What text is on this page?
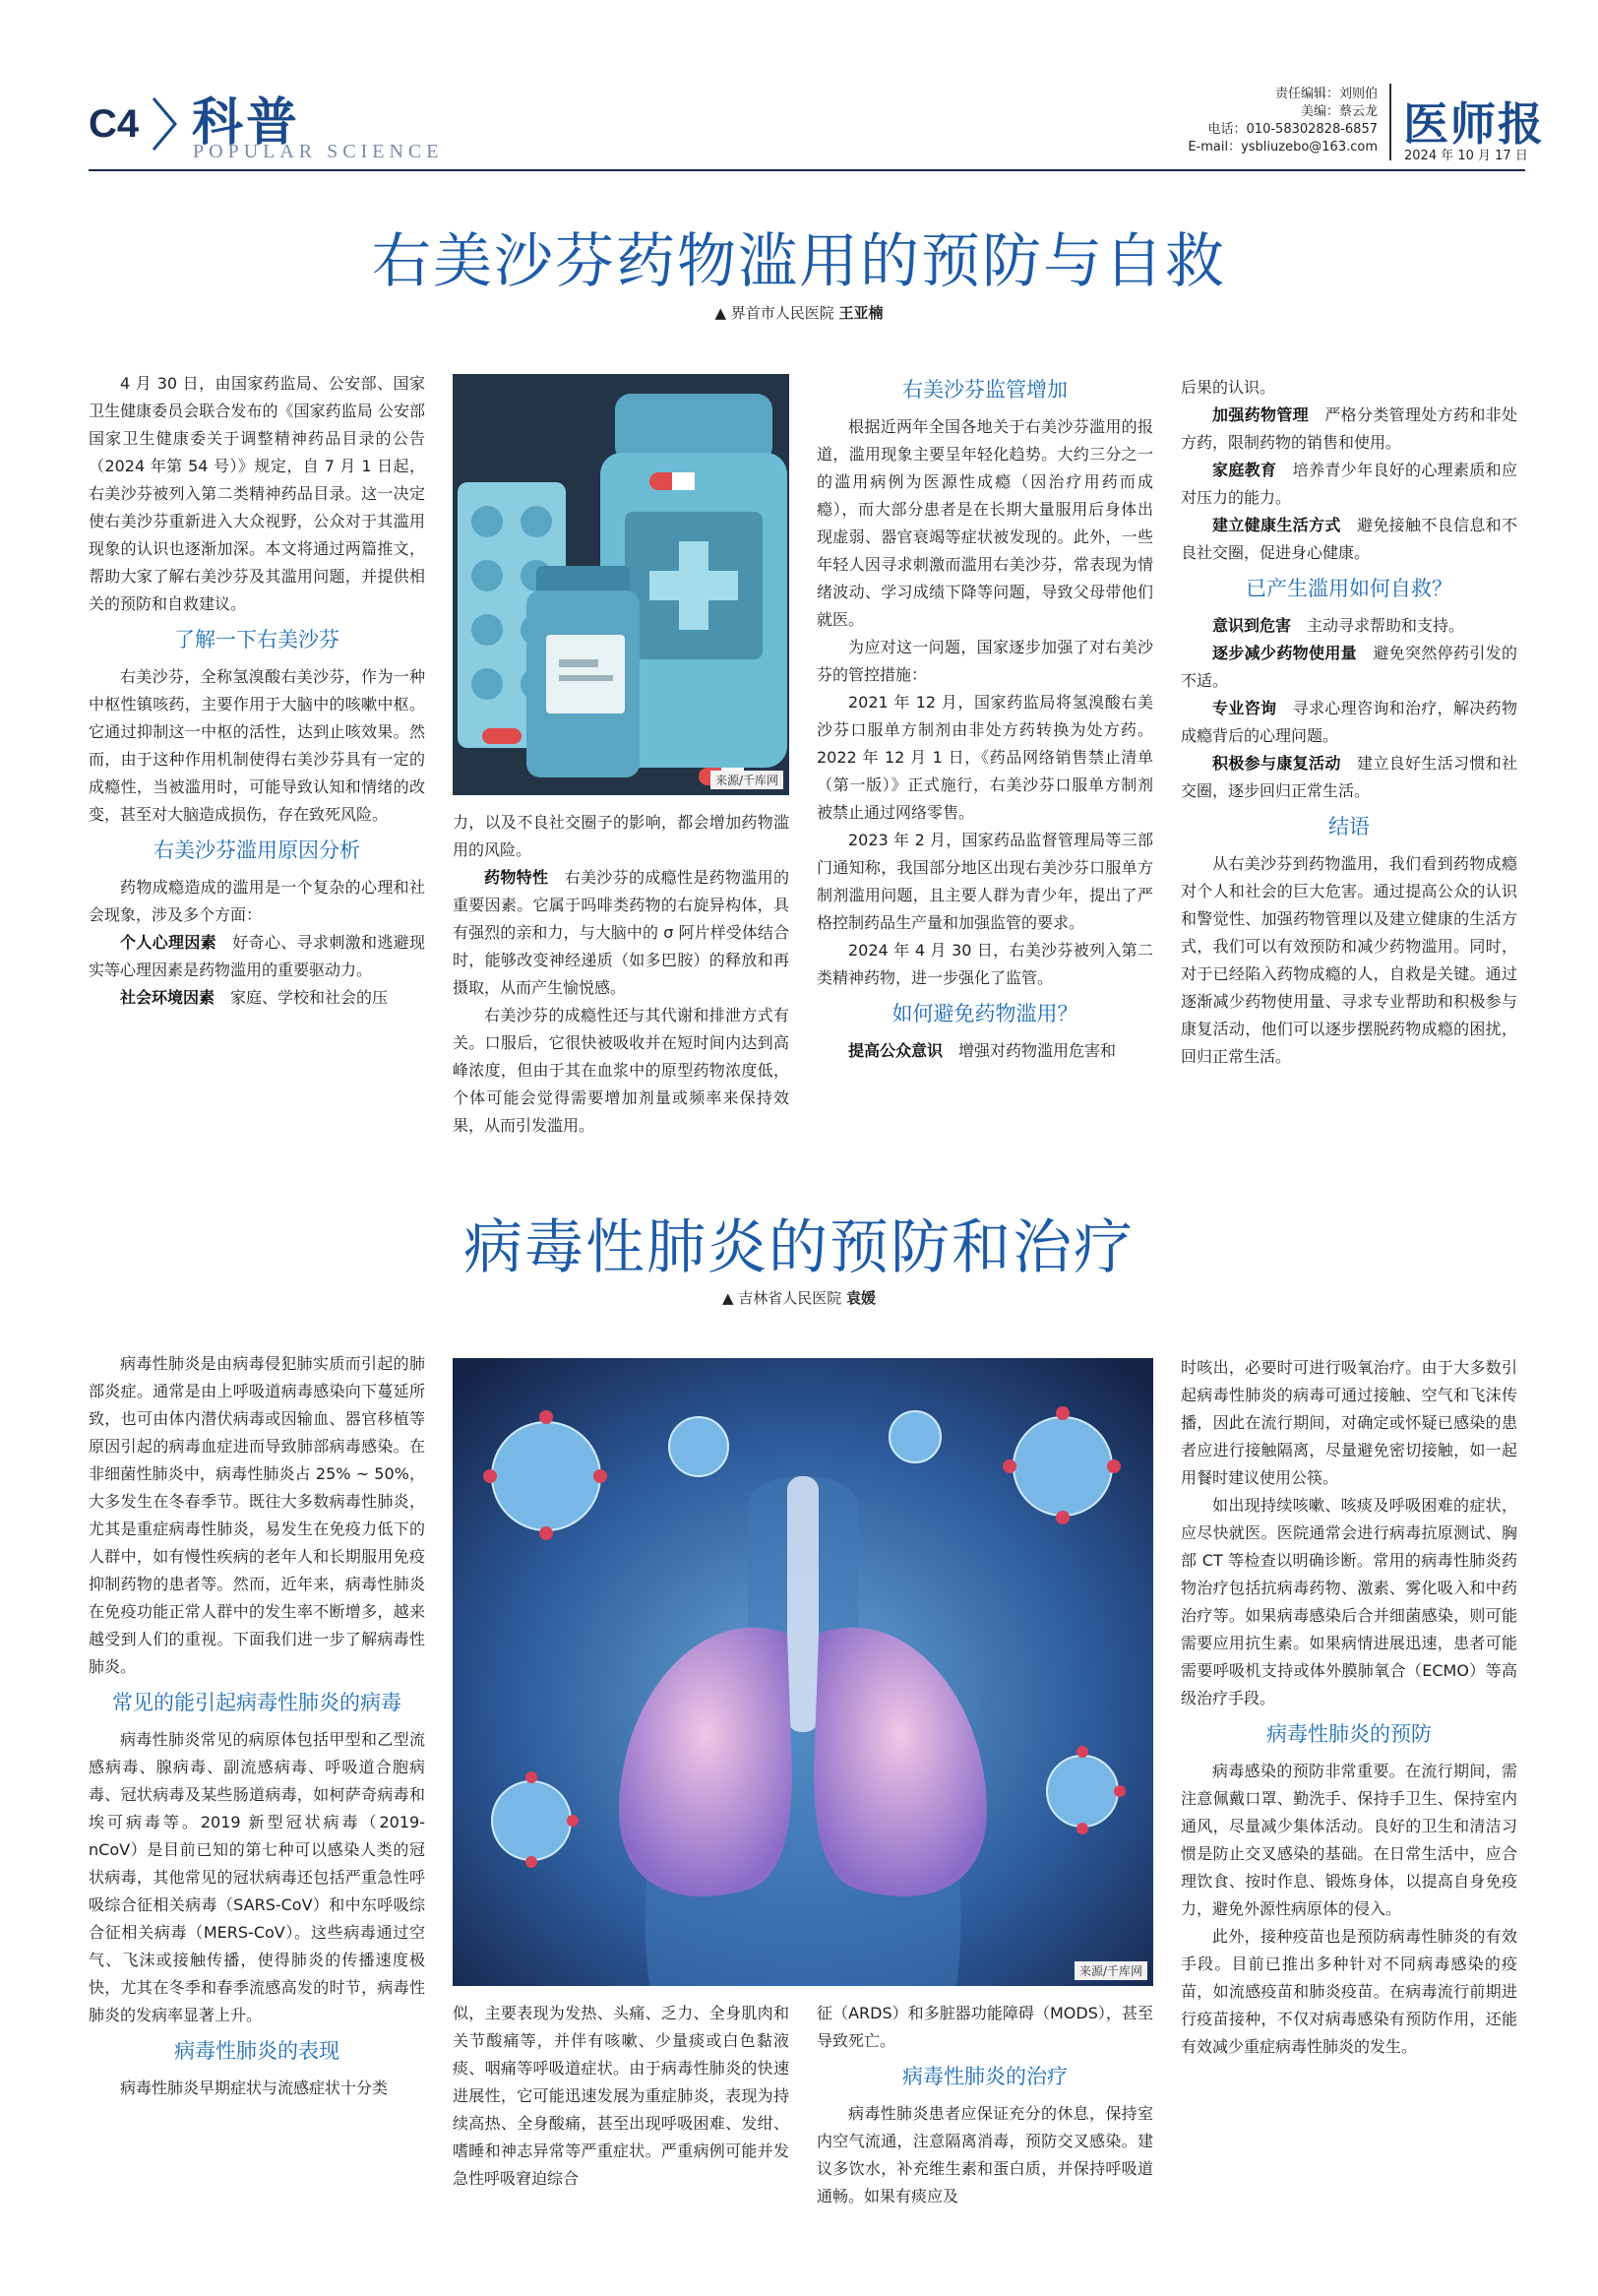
C4 科普
POPULAR SCIENCE
责任编辑：刘则伯
美编：蔡云龙
电话：010-58302828-6857
E-mail：ysbliuzebo@163.com 医师报
2024 年 10 月 17 日
右美沙芬药物滥用的预防与自救
▲ 界首市人民医院 王亚楠

4 月 30 日，由国家药监局、公安部、国家卫生健康委员会联合发布的《国家药监局 公安部 国家卫生健康委关于调整精神药品目录的公告（2024 年第 54 号）》规定，自 7 月 1 日起，右美沙芬被列入第二类精神药品目录。这一决定使右美沙芬重新进入大众视野，公众对于其滥用现象的认识也逐渐加深。本文将通过两篇推文，帮助大家了解右美沙芬及其滥用问题，并提供相关的预防和自救建议。

了解一下右美沙芬

右美沙芬，全称氢溴酸右美沙芬，作为一种中枢性镇咳药，主要作用于大脑中的咳嗽中枢。它通过抑制这一中枢的活性，达到止咳效果。然而，由于这种作用机制使得右美沙芬具有一定的成瘾性，当被滥用时，可能导致认知和情绪的改变，甚至对大脑造成损伤，存在致死风险。

右美沙芬滥用原因分析

药物成瘾造成的滥用是一个复杂的心理和社会现象，涉及多个方面：

个人心理因素　 好奇心、寻求刺激和逃避现实等心理因素是药物滥用的重要驱动力。

社会环境因素　 家庭、学校和社会的压

来源/千库网

力，以及不良社交圈子的影响，都会增加药物滥用的风险。

药物特性　 右美沙芬的成瘾性是药物滥用的重要因素。它属于吗啡类药物的右旋异构体，具有强烈的亲和力，与大脑中的 σ 阿片样受体结合时，能够改变神经递质（如多巴胺）的释放和再摄取，从而产生愉悦感。

右美沙芬的成瘾性还与其代谢和排泄方式有关。口服后，它很快被吸收并在短时间内达到高峰浓度，但由于其在血浆中的原型药物浓度低，个体可能会觉得需要增加剂量或频率来保持效果，从而引发滥用。

右美沙芬监管增加

根据近两年全国各地关于右美沙芬滥用的报道，滥用现象主要呈年轻化趋势。大约三分之一的滥用病例为医源性成瘾（因治疗用药而成瘾），而大部分患者是在长期大量服用后身体出现虚弱、器官衰竭等症状被发现的。此外，一些年轻人因寻求刺激而滥用右美沙芬，常表现为情绪波动、学习成绩下降等问题，导致父母带他们就医。

为应对这一问题，国家逐步加强了对右美沙芬的管控措施：

2021 年 12 月，国家药监局将氢溴酸右美沙芬口服单方制剂由非处方药转换为处方药。2022 年 12 月 1 日，《药品网络销售禁止清单（第一版）》正式施行，右美沙芬口服单方制剂被禁止通过网络零售。

2023 年 2 月，国家药品监督管理局等三部门通知称，我国部分地区出现右美沙芬口服单方制剂滥用问题，且主要人群为青少年，提出了严格控制药品生产量和加强监管的要求。

2024 年 4 月 30 日，右美沙芬被列入第二类精神药物，进一步强化了监管。

如何避免药物滥用？

提高公众意识　 增强对药物滥用危害和

后果的认识。

加强药物管理　 严格分类管理处方药和非处方药，限制药物的销售和使用。

家庭教育　 培养青少年良好的心理素质和应对压力的能力。

建立健康生活方式　 避免接触不良信息和不良社交圈，促进身心健康。

已产生滥用如何自救？

意识到危害　 主动寻求帮助和支持。

逐步减少药物使用量　 避免突然停药引发的不适。

专业咨询　 寻求心理咨询和治疗，解决药物成瘾背后的心理问题。

积极参与康复活动　 建立良好生活习惯和社交圈，逐步回归正常生活。

结语

从右美沙芬到药物滥用，我们看到药物成瘾对个人和社会的巨大危害。通过提高公众的认识和警觉性、加强药物管理以及建立健康的生活方式，我们可以有效预防和减少药物滥用。同时，对于已经陷入药物成瘾的人，自救是关键。通过逐渐减少药物使用量、寻求专业帮助和积极参与康复活动，他们可以逐步摆脱药物成瘾的困扰，回归正常生活。

病毒性肺炎的预防和治疗
▲ 吉林省人民医院 袁媛

病毒性肺炎是由病毒侵犯肺实质而引起的肺部炎症。通常是由上呼吸道病毒感染向下蔓延所致，也可由体内潜伏病毒或因输血、器官移植等原因引起的病毒血症进而导致肺部病毒感染。在非细菌性肺炎中，病毒性肺炎占 25% ~ 50%，大多发生在冬春季节。既往大多数病毒性肺炎，尤其是重症病毒性肺炎，易发生在免疫力低下的人群中，如有慢性疾病的老年人和长期服用免疫抑制药物的患者等。然而，近年来，病毒性肺炎在免疫功能正常人群中的发生率不断增多，越来越受到人们的重视。下面我们进一步了解病毒性肺炎。

常见的能引起病毒性肺炎的病毒

病毒性肺炎常见的病原体包括甲型和乙型流感病毒、腺病毒、副流感病毒、呼吸道合胞病毒、冠状病毒及某些肠道病毒，如柯萨奇病毒和埃可病毒等。2019 新型冠状病毒（2019-nCoV）是目前已知的第七种可以感染人类的冠状病毒，其他常见的冠状病毒还包括严重急性呼吸综合征相关病毒（SARS-CoV）和中东呼吸综合征相关病毒（MERS-CoV）。这些病毒通过空气、飞沫或接触传播，使得肺炎的传播速度极快，尤其在冬季和春季流感高发的时节，病毒性肺炎的发病率显著上升。

病毒性肺炎的表现

病毒性肺炎早期症状与流感症状十分类

来源/千库网

似，主要表现为发热、头痛、乏力、全身肌肉和关节酸痛等，并伴有咳嗽、少量痰或白色黏液痰、咽痛等呼吸道症状。由于病毒性肺炎的快速进展性，它可能迅速发展为重症肺炎，表现为持续高热、全身酸痛，甚至出现呼吸困难、发绀、嗜睡和神志异常等严重症状。严重病例可能并发急性呼吸窘迫综合

征（ARDS）和多脏器功能障碍（MODS），甚至导致死亡。

病毒性肺炎的治疗

病毒性肺炎患者应保证充分的休息，保持室内空气流通，注意隔离消毒，预防交叉感染。建议多饮水，补充维生素和蛋白质，并保持呼吸道通畅。如果有痰应及

时咳出，必要时可进行吸氧治疗。由于大多数引起病毒性肺炎的病毒可通过接触、空气和飞沫传播，因此在流行期间，对确定或怀疑已感染的患者应进行接触隔离，尽量避免密切接触，如一起用餐时建议使用公筷。

如出现持续咳嗽、咳痰及呼吸困难的症状，应尽快就医。医院通常会进行病毒抗原测试、胸部 CT 等检查以明确诊断。常用的病毒性肺炎药物治疗包括抗病毒药物、激素、雾化吸入和中药治疗等。如果病毒感染后合并细菌感染，则可能需要应用抗生素。如果病情进展迅速，患者可能需要呼吸机支持或体外膜肺氧合（ECMO）等高级治疗手段。

病毒性肺炎的预防

病毒感染的预防非常重要。在流行期间，需注意佩戴口罩、勤洗手、保持手卫生、保持室内通风，尽量减少集体活动。良好的卫生和清洁习惯是防止交叉感染的基础。在日常生活中，应合理饮食、按时作息、锻炼身体，以提高自身免疫力，避免外源性病原体的侵入。

此外，接种疫苗也是预防病毒性肺炎的有效手段。目前已推出多种针对不同病毒感染的疫苗，如流感疫苗和肺炎疫苗。在病毒流行前期进行疫苗接种，不仅对病毒感染有预防作用，还能有效减少重症病毒性肺炎的发生。
